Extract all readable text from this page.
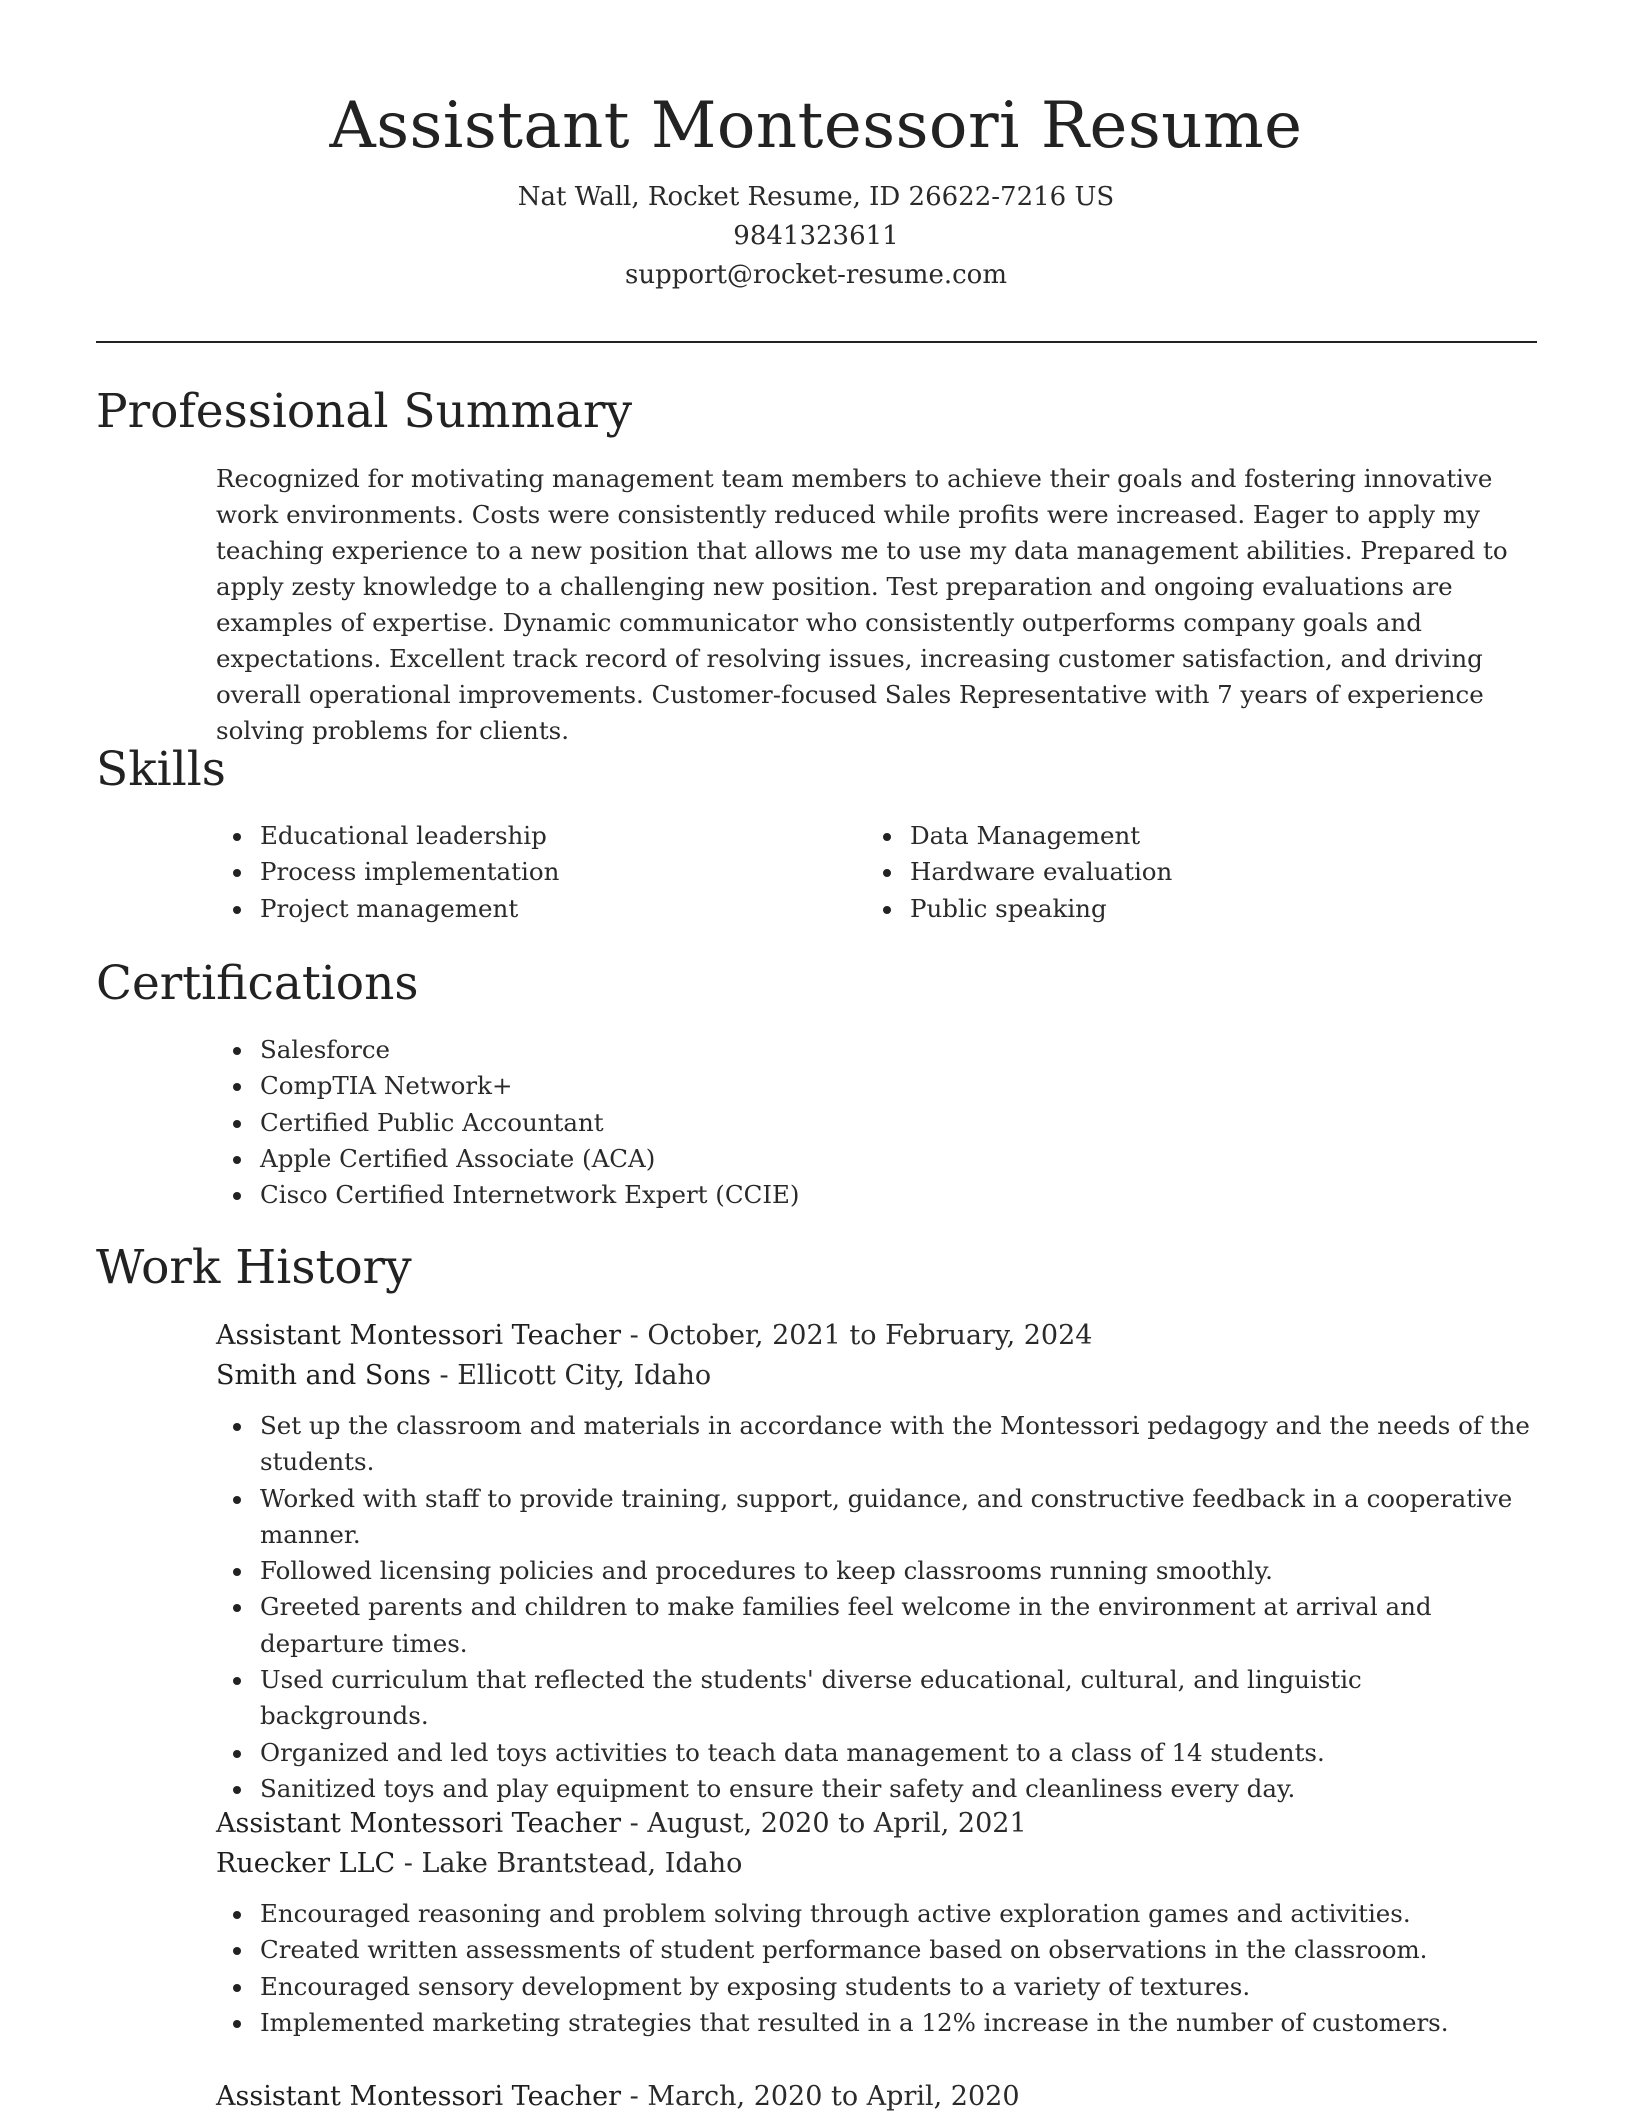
Assistant Montessori Resume
Nat Wall, Rocket Resume, ID 26622-7216 US
9841323611
support@rocket-resume.com
Professional Summary

Recognized for motivating management team members to achieve their goals and fostering innovative work environments. Costs were consistently reduced while profits were increased. Eager to apply my teaching experience to a new position that allows me to use my data management abilities. Prepared to apply zesty knowledge to a challenging new position. Test preparation and ongoing evaluations are examples of expertise. Dynamic communicator who consistently outperforms company goals and expectations. Excellent track record of resolving issues, increasing customer satisfaction, and driving overall operational improvements. Customer-focused Sales Representative with 7 years of experience solving problems for clients.

Skills
Educational leadership
Process implementation
Project management
Data Management
Hardware evaluation
Public speaking
Certifications
Salesforce
CompTIA Network+
Certified Public Accountant
Apple Certified Associate (ACA)
Cisco Certified Internetwork Expert (CCIE)
Work History
Assistant Montessori Teacher - October, 2021 to February, 2024
Smith and Sons - Ellicott City, Idaho
Set up the classroom and materials in accordance with the Montessori pedagogy and the needs of the students.
Worked with staff to provide training, support, guidance, and constructive feedback in a cooperative manner.
Followed licensing policies and procedures to keep classrooms running smoothly.
Greeted parents and children to make families feel welcome in the environment at arrival and departure times.
Used curriculum that reflected the students' diverse educational, cultural, and linguistic backgrounds.
Organized and led toys activities to teach data management to a class of 14 students.
Sanitized toys and play equipment to ensure their safety and cleanliness every day.
Assistant Montessori Teacher - August, 2020 to April, 2021
Ruecker LLC - Lake Brantstead, Idaho
Encouraged reasoning and problem solving through active exploration games and activities.
Created written assessments of student performance based on observations in the classroom.
Encouraged sensory development by exposing students to a variety of textures.
Implemented marketing strategies that resulted in a 12% increase in the number of customers.
Assistant Montessori Teacher - March, 2020 to April, 2020
